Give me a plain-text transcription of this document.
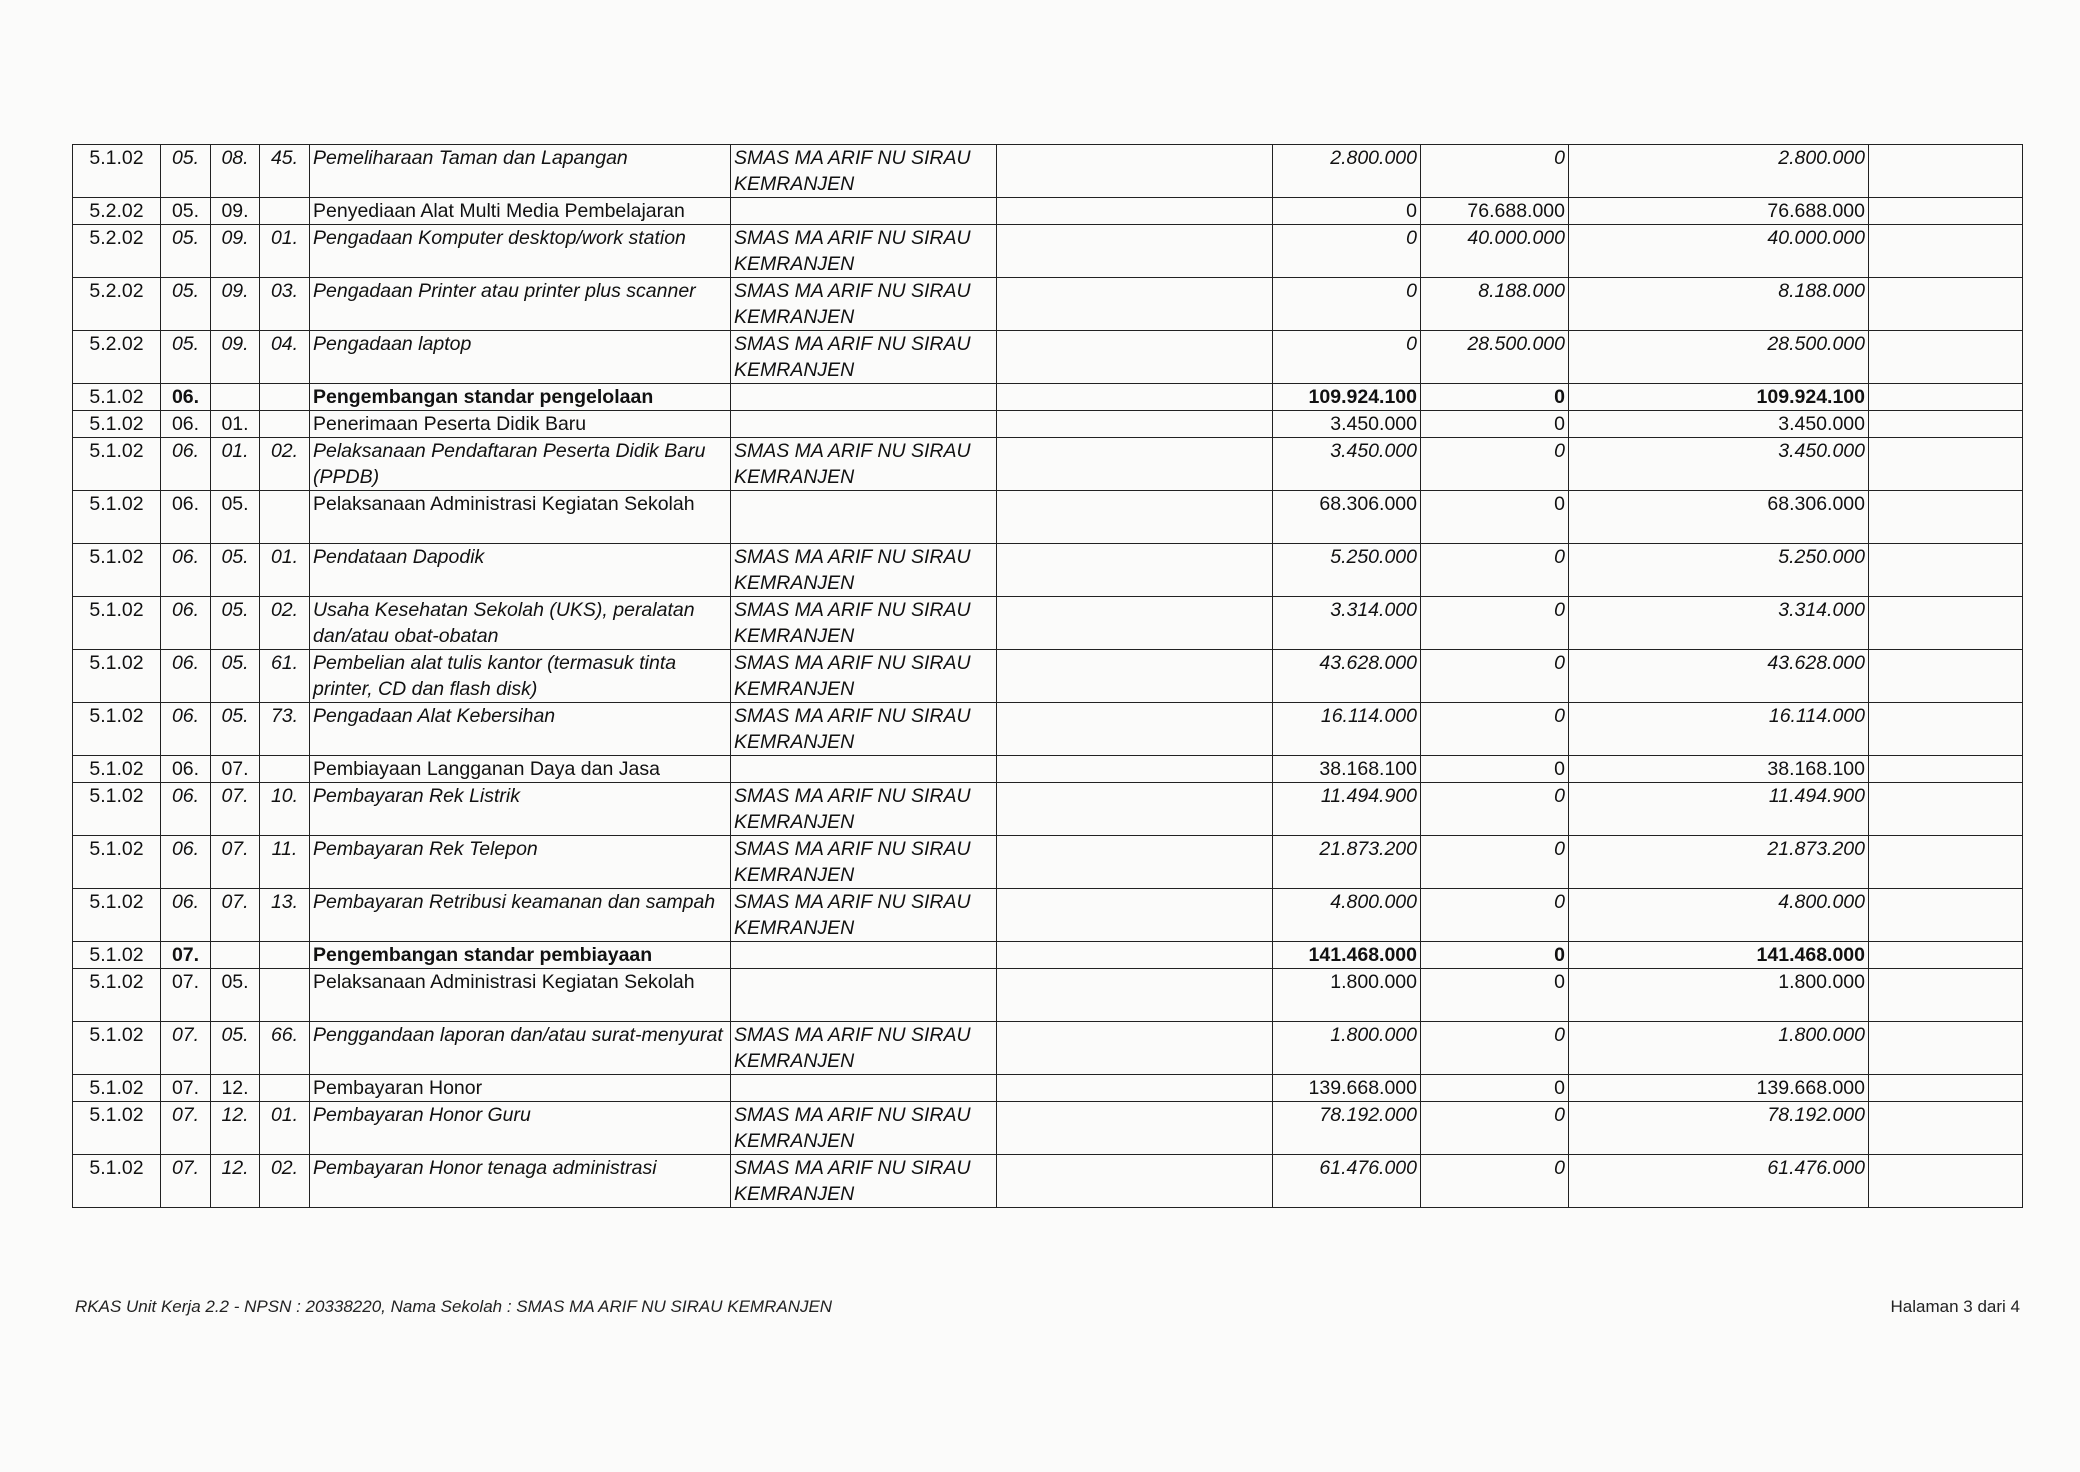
5.1.02	05.	08.	45.	Pemeliharaan Taman dan Lapangan	SMAS MA ARIF NU SIRAU KEMRANJEN		2.800.000	0	2.800.000	
5.2.02	05.	09.		Penyediaan Alat Multi Media Pembelajaran			0	76.688.000	76.688.000	
5.2.02	05.	09.	01.	Pengadaan Komputer desktop/work station	SMAS MA ARIF NU SIRAU KEMRANJEN		0	40.000.000	40.000.000	
5.2.02	05.	09.	03.	Pengadaan Printer atau printer plus scanner	SMAS MA ARIF NU SIRAU KEMRANJEN		0	8.188.000	8.188.000	
5.2.02	05.	09.	04.	Pengadaan laptop	SMAS MA ARIF NU SIRAU KEMRANJEN		0	28.500.000	28.500.000	
5.1.02	06.			Pengembangan standar pengelolaan			109.924.100	0	109.924.100	
5.1.02	06.	01.		Penerimaan Peserta Didik Baru			3.450.000	0	3.450.000	
5.1.02	06.	01.	02.	Pelaksanaan Pendaftaran Peserta Didik Baru (PPDB)	SMAS MA ARIF NU SIRAU KEMRANJEN		3.450.000	0	3.450.000	
5.1.02	06.	05.		Pelaksanaan Administrasi Kegiatan Sekolah			68.306.000	0	68.306.000	
5.1.02	06.	05.	01.	Pendataan Dapodik	SMAS MA ARIF NU SIRAU KEMRANJEN		5.250.000	0	5.250.000	
5.1.02	06.	05.	02.	Usaha Kesehatan Sekolah (UKS), peralatan dan/atau obat-obatan	SMAS MA ARIF NU SIRAU KEMRANJEN		3.314.000	0	3.314.000	
5.1.02	06.	05.	61.	Pembelian alat tulis kantor (termasuk tinta printer, CD dan flash disk)	SMAS MA ARIF NU SIRAU KEMRANJEN		43.628.000	0	43.628.000	
5.1.02	06.	05.	73.	Pengadaan Alat Kebersihan	SMAS MA ARIF NU SIRAU KEMRANJEN		16.114.000	0	16.114.000	
5.1.02	06.	07.		Pembiayaan Langganan Daya dan Jasa			38.168.100	0	38.168.100	
5.1.02	06.	07.	10.	Pembayaran Rek Listrik	SMAS MA ARIF NU SIRAU KEMRANJEN		11.494.900	0	11.494.900	
5.1.02	06.	07.	11.	Pembayaran Rek Telepon	SMAS MA ARIF NU SIRAU KEMRANJEN		21.873.200	0	21.873.200	
5.1.02	06.	07.	13.	Pembayaran Retribusi keamanan dan sampah	SMAS MA ARIF NU SIRAU KEMRANJEN		4.800.000	0	4.800.000	
5.1.02	07.			Pengembangan standar pembiayaan			141.468.000	0	141.468.000	
5.1.02	07.	05.		Pelaksanaan Administrasi Kegiatan Sekolah			1.800.000	0	1.800.000	
5.1.02	07.	05.	66.	Penggandaan laporan dan/atau surat-menyurat	SMAS MA ARIF NU SIRAU KEMRANJEN		1.800.000	0	1.800.000	
5.1.02	07.	12.		Pembayaran Honor			139.668.000	0	139.668.000	
5.1.02	07.	12.	01.	Pembayaran Honor Guru	SMAS MA ARIF NU SIRAU KEMRANJEN		78.192.000	0	78.192.000	
5.1.02	07.	12.	02.	Pembayaran Honor tenaga administrasi	SMAS MA ARIF NU SIRAU KEMRANJEN		61.476.000	0	61.476.000	
RKAS Unit Kerja 2.2 - NPSN : 20338220, Nama Sekolah : SMAS MA ARIF NU SIRAU KEMRANJEN	Halaman 3 dari 4
